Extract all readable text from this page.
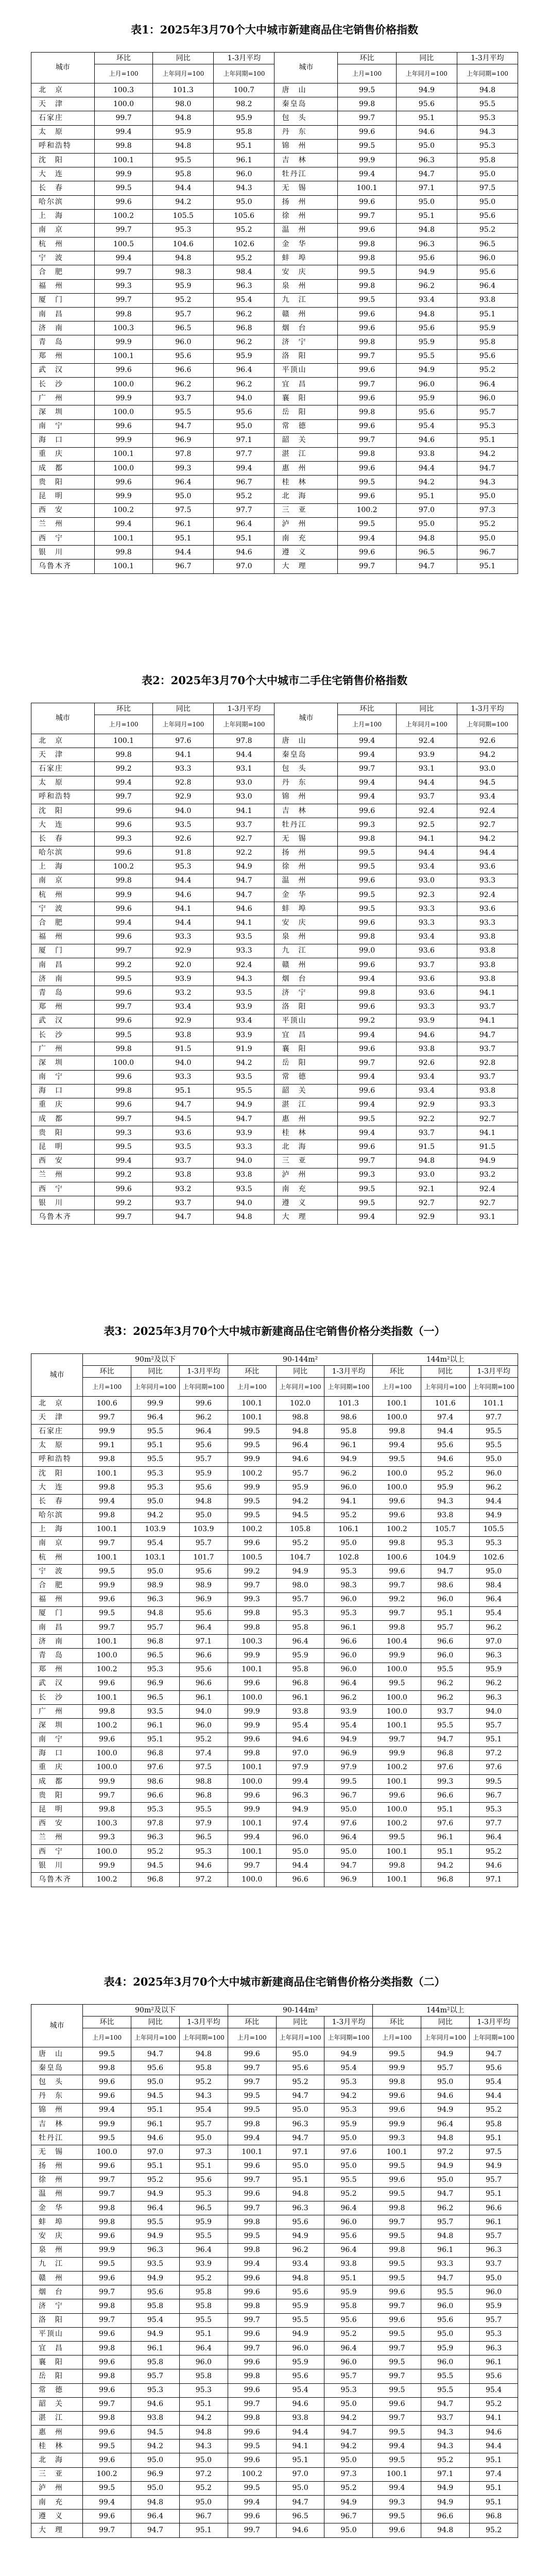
表1：2025年3月70个大中城市新建商品住宅销售价格指数
城市	环比	同比	1-3月平均	城市	环比	同比	1-3月平均
	上月=100	上年同月=100	上年同期=100		上月=100	上年同月=100	上年同期=100
北　京	100.3	101.3	100.7	唐　山	99.5	94.9	94.8
天　津	100.0	98.0	98.2	秦皇岛	99.8	95.6	95.5
石家庄	99.7	94.8	95.9	包　头	99.7	95.1	95.3
太　原	99.4	95.9	95.8	丹　东	99.6	94.6	94.3
呼和浩特	99.8	94.8	95.1	锦　州	99.5	95.0	95.3
沈　阳	100.1	95.5	96.1	吉　林	99.9	96.3	95.8
大　连	99.9	95.8	96.0	牡丹江	99.4	94.7	95.0
长　春	99.5	94.4	94.3	无　锡	100.1	97.1	97.5
哈尔滨	99.6	94.2	95.0	扬　州	99.6	95.0	95.0
上　海	100.2	105.5	105.6	徐　州	99.7	95.1	95.6
南　京	99.7	95.3	95.2	温　州	99.6	94.8	95.2
杭　州	100.5	104.6	102.6	金　华	99.8	96.3	96.5
宁　波	99.4	94.8	95.2	蚌　埠	99.8	95.6	96.0
合　肥	99.7	98.3	98.4	安　庆	99.5	94.9	95.6
福　州	99.3	95.9	96.3	泉　州	99.8	96.2	96.4
厦　门	99.7	95.2	95.4	九　江	99.5	93.4	93.8
南　昌	99.8	95.7	96.2	赣　州	99.6	94.8	95.1
济　南	100.3	96.5	96.8	烟　台	99.6	95.6	95.9
青　岛	99.9	96.0	96.2	济　宁	99.8	95.9	95.8
郑　州	100.1	95.6	95.9	洛　阳	99.7	95.5	95.6
武　汉	99.6	96.6	96.4	平顶山	99.6	94.9	95.2
长　沙	100.0	96.2	96.2	宜　昌	99.7	96.0	96.4
广　州	99.9	93.7	94.0	襄　阳	99.6	95.9	96.0
深　圳	100.0	95.5	95.6	岳　阳	99.8	95.6	95.7
南　宁	99.6	94.7	95.0	常　德	99.6	95.4	95.3
海　口	99.9	96.9	97.1	韶　关	99.7	94.6	95.1
重　庆	100.1	97.8	97.7	湛　江	99.8	93.8	94.2
成　都	100.0	99.3	99.4	惠　州	99.6	94.4	94.7
贵　阳	99.6	96.4	96.7	桂　林	99.5	94.2	94.3
昆　明	99.9	95.0	95.2	北　海	99.6	95.1	95.0
西　安	100.2	97.5	97.7	三　亚	100.2	97.0	97.3
兰　州	99.4	96.1	96.4	泸　州	99.5	95.0	95.2
西　宁	100.1	95.1	95.1	南　充	99.4	94.8	95.0
银　川	99.8	94.4	94.6	遵　义	99.6	96.5	96.7
乌鲁木齐	100.1	96.7	97.0	大　理	99.7	94.7	95.1
表2：2025年3月70个大中城市二手住宅销售价格指数
城市	环比	同比	1-3月平均	城市	环比	同比	1-3月平均
	上月=100	上年同月=100	上年同期=100		上月=100	上年同月=100	上年同期=100
北　京	100.1	97.6	97.8	唐　山	99.4	92.4	92.6
天　津	99.8	94.1	94.4	秦皇岛	99.4	93.9	94.2
石家庄	99.2	93.3	93.1	包　头	99.7	93.1	93.0
太　原	99.4	92.8	93.0	丹　东	99.4	94.4	94.5
呼和浩特	99.7	92.9	93.0	锦　州	99.4	93.7	93.4
沈　阳	99.6	94.0	94.1	吉　林	99.6	92.4	92.4
大　连	99.6	93.5	93.7	牡丹江	99.3	92.5	92.7
长　春	99.3	92.6	92.7	无　锡	99.8	94.1	94.2
哈尔滨	99.6	91.8	92.2	扬　州	99.5	94.4	94.4
上　海	100.2	95.3	94.9	徐　州	99.5	93.4	93.6
南　京	99.8	94.4	94.7	温　州	99.6	93.0	93.3
杭　州	99.9	94.6	94.7	金　华	99.5	92.3	92.4
宁　波	99.6	94.1	94.6	蚌　埠	99.5	93.3	93.6
合　肥	99.4	94.4	94.1	安　庆	99.6	93.3	93.3
福　州	99.6	93.3	93.5	泉　州	99.8	93.4	93.8
厦　门	99.7	92.9	93.3	九　江	99.0	93.6	93.8
南　昌	99.2	92.0	92.4	赣　州	99.6	93.7	93.8
济　南	99.5	93.9	94.3	烟　台	99.4	93.6	93.8
青　岛	99.6	93.2	93.5	济　宁	99.8	93.6	94.1
郑　州	99.7	93.4	93.9	洛　阳	99.6	93.3	93.7
武　汉	99.6	92.9	93.4	平顶山	99.2	93.9	94.1
长　沙	99.5	93.8	93.9	宜　昌	99.4	94.6	94.7
广　州	99.8	91.5	91.9	襄　阳	99.6	93.8	93.7
深　圳	100.0	94.0	94.2	岳　阳	99.7	92.6	92.8
南　宁	99.6	93.3	93.5	常　德	99.4	93.4	93.7
海　口	99.8	95.1	95.5	韶　关	99.6	93.4	93.8
重　庆	99.6	94.7	94.9	湛　江	99.4	92.9	93.3
成　都	99.7	94.5	94.7	惠　州	99.5	92.2	92.7
贵　阳	99.3	93.6	93.9	桂　林	99.4	93.7	94.1
昆　明	99.5	93.5	93.3	北　海	99.6	91.5	91.5
西　安	99.4	93.7	94.0	三　亚	99.7	94.8	94.9
兰　州	99.2	93.8	93.8	泸　州	99.3	93.0	93.2
西　宁	99.6	93.2	93.5	南　充	99.5	92.1	92.4
银　川	99.2	93.7	94.0	遵　义	99.5	92.7	92.7
乌鲁木齐	99.7	94.7	94.8	大　理	99.4	92.9	93.1
表3：2025年3月70个大中城市新建商品住宅销售价格分类指数（一）
城市	90m²及以下			90-144m²			144m²以上		
	环比	同比	1-3月平均	环比	同比	1-3月平均	环比	同比	1-3月平均
	上月=100	上年同月=100	上年同期=100	上月=100	上年同月=100	上年同期=100	上月=100	上年同月=100	上年同期=100
北　京	100.6	99.9	99.6	100.1	102.0	101.3	100.1	101.6	101.1
天　津	99.7	96.4	96.2	100.1	98.8	98.6	100.0	97.4	97.7
石家庄	99.9	95.5	96.4	99.5	94.8	95.8	99.8	94.4	95.5
太　原	99.1	95.1	95.6	99.5	96.4	96.1	99.4	95.6	95.5
呼和浩特	99.8	95.5	95.7	99.9	94.6	94.9	99.5	94.6	95.0
沈　阳	100.1	95.3	95.9	100.2	95.7	96.2	100.0	95.2	96.0
大　连	99.8	95.3	95.6	99.9	95.9	96.0	100.0	95.9	96.2
长　春	99.4	95.0	94.8	99.5	94.2	94.1	99.6	94.3	94.4
哈尔滨	99.8	94.2	95.0	99.5	94.5	95.2	99.6	93.8	94.9
上　海	100.1	103.9	103.9	100.2	105.8	106.1	100.2	105.7	105.5
南　京	99.7	95.4	95.7	99.6	95.2	95.0	99.8	95.3	95.3
杭　州	100.1	103.1	101.7	100.5	104.7	102.8	100.6	104.9	102.6
宁　波	99.5	95.0	95.6	99.2	94.9	95.3	99.6	94.7	95.0
合　肥	99.9	98.9	98.9	99.7	98.0	98.3	99.7	98.6	98.4
福　州	99.6	96.3	96.9	99.3	95.7	96.0	99.2	96.0	96.4
厦　门	99.5	94.8	95.6	99.8	95.3	95.3	99.7	95.1	95.4
南　昌	99.7	95.7	96.4	99.8	95.8	96.1	99.8	95.7	96.2
济　南	100.1	96.8	97.1	100.3	96.4	96.6	100.4	96.6	97.0
青　岛	100.0	96.5	96.6	99.9	95.9	96.0	99.9	96.0	96.3
郑　州	100.2	95.3	95.6	100.1	95.8	96.0	100.0	95.5	95.9
武　汉	99.6	96.9	96.6	99.6	96.8	96.4	99.5	96.2	96.2
长　沙	100.1	96.5	96.1	100.0	96.1	96.2	100.0	96.2	96.3
广　州	99.8	93.5	94.0	99.9	93.8	93.9	100.0	93.7	94.0
深　圳	100.2	96.1	96.0	99.9	95.4	95.4	100.1	95.5	95.7
南　宁	99.6	95.1	95.2	99.6	94.6	94.9	99.7	94.7	95.1
海　口	100.0	96.8	97.4	99.8	97.0	96.9	99.9	96.8	97.2
重　庆	100.0	97.6	97.5	100.1	97.9	97.9	100.2	97.6	97.6
成　都	99.9	98.6	98.8	100.0	99.4	99.5	100.1	99.3	99.5
贵　阳	99.7	96.6	96.8	99.6	96.3	96.7	99.6	96.6	96.7
昆　明	99.8	95.3	95.5	99.9	94.9	95.0	100.0	95.1	95.3
西　安	100.3	97.8	97.9	100.1	97.4	97.6	100.2	97.6	97.7
兰　州	99.3	96.3	96.5	99.4	96.0	96.4	99.5	96.1	96.4
西　宁	100.0	95.2	95.3	100.1	95.0	95.0	100.1	95.1	95.2
银　川	99.9	94.5	94.6	99.7	94.4	94.7	99.8	94.2	94.6
乌鲁木齐	100.2	96.8	97.2	100.0	96.6	96.9	100.1	96.8	97.1
表4：2025年3月70个大中城市新建商品住宅销售价格分类指数（二）
城市	90m²及以下			90-144m²			144m²以上		
	环比	同比	1-3月平均	环比	同比	1-3月平均	环比	同比	1-3月平均
	上月=100	上年同月=100	上年同期=100	上月=100	上年同月=100	上年同期=100	上月=100	上年同月=100	上年同期=100
唐　山	99.5	94.7	94.8	99.6	95.0	94.9	99.5	94.9	94.7
秦皇岛	99.8	95.6	95.8	99.7	95.6	95.4	99.9	95.7	95.6
包　头	99.6	95.0	95.2	99.7	95.2	95.3	99.8	95.0	95.4
丹　东	99.6	94.5	94.3	99.5	94.7	94.2	99.6	94.6	94.4
锦　州	99.4	95.1	95.4	99.5	95.0	95.3	99.6	94.9	95.2
吉　林	99.9	96.1	95.7	99.8	96.3	95.9	99.9	96.4	95.8
牡丹江	99.5	94.6	95.0	99.4	94.7	95.0	99.3	94.8	95.1
无　锡	100.0	97.0	97.3	100.1	97.1	97.6	100.1	97.2	97.5
扬　州	99.6	95.1	95.1	99.6	95.0	95.0	99.5	94.9	94.9
徐　州	99.7	95.2	95.6	99.7	95.1	95.5	99.6	95.0	95.7
温　州	99.7	94.9	95.3	99.6	94.8	95.2	99.5	94.7	95.1
金　华	99.8	96.4	96.5	99.7	96.3	96.4	99.8	96.2	96.6
蚌　埠	99.8	95.5	95.9	99.8	95.6	96.0	99.7	95.7	96.1
安　庆	99.6	94.9	95.5	99.5	94.9	95.6	99.5	94.8	95.7
泉　州	99.9	96.3	96.4	99.8	96.2	96.4	99.8	96.1	96.3
九　江	99.5	93.5	93.9	99.4	93.4	93.8	99.5	93.3	93.7
赣　州	99.6	94.9	95.2	99.6	94.8	95.1	99.5	94.7	95.0
烟　台	99.7	95.6	95.8	99.6	95.6	95.9	99.6	95.5	96.0
济　宁	99.8	95.8	95.8	99.8	95.9	95.8	99.7	96.0	95.9
洛　阳	99.7	95.4	95.5	99.7	95.5	95.6	99.6	95.6	95.7
平顶山	99.6	94.9	95.1	99.6	94.9	95.2	99.5	95.0	95.3
宜　昌	99.8	96.1	96.4	99.7	96.0	96.4	99.7	95.9	96.3
襄　阳	99.6	95.8	96.0	99.6	95.9	96.0	99.5	96.0	96.1
岳　阳	99.8	95.7	95.8	99.8	95.6	95.7	99.7	95.5	95.6
常　德	99.6	95.3	95.3	99.6	95.4	95.3	99.5	95.5	95.4
韶　关	99.7	94.6	95.1	99.7	94.6	95.0	99.6	94.7	95.2
湛　江	99.8	93.8	94.2	99.8	93.8	94.2	99.7	93.7	94.1
惠　州	99.6	94.5	94.8	99.6	94.4	94.7	99.5	94.3	94.6
桂　林	99.5	94.2	94.3	99.5	94.1	94.2	99.4	94.3	94.4
北　海	99.6	95.0	95.0	99.6	95.1	95.0	99.5	95.2	95.1
三　亚	100.2	96.9	97.2	100.2	97.0	97.3	100.1	97.1	97.4
泸　州	99.5	95.0	95.2	99.5	95.0	95.2	99.4	94.9	95.1
南　充	99.4	94.8	95.0	99.4	94.7	94.9	99.3	94.9	95.1
遵　义	99.6	96.4	96.7	99.6	96.5	96.7	99.5	96.6	96.8
大　理	99.7	94.7	95.1	99.7	94.6	95.0	99.6	94.8	95.2
